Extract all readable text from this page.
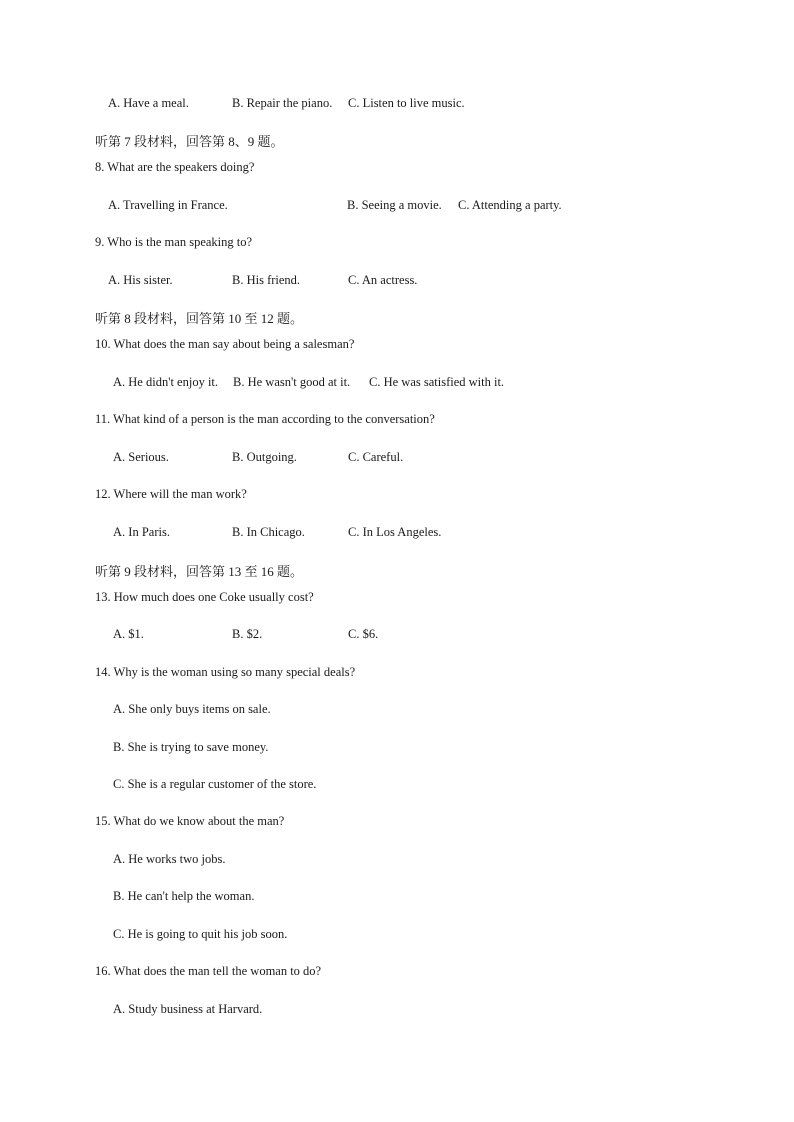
A. Have a meal.	B. Repair the piano. C. Listen to live music.
听第 7 段材料，回答第 8、9 题。
8. What are the speakers doing?
A. Travelling in France.	B. Seeing a movie. C. Attending a party.
9. Who is the man speaking to?
A. His sister.	B. His friend.	C. An actress.
听第 8 段材料，回答第 10 至 12 题。
10. What does the man say about being a salesman?
A. He didn't enjoy it. B. He wasn't good at it. C. He was satisfied with it.
11. What kind of a person is the man according to the conversation?
A. Serious.	B. Outgoing.	C. Careful.
12. Where will the man work?
A. In Paris.	B. In Chicago.	C. In Los Angeles.
听第 9 段材料，回答第 13 至 16 题。
13. How much does one Coke usually cost?
A. $1.	B. $2.	C. $6.
14. Why is the woman using so many special deals?
A. She only buys items on sale.
B. She is trying to save money.
C. She is a regular customer of the store.
15. What do we know about the man?
A. He works two jobs.
B. He can't help the woman.
C. He is going to quit his job soon.
16. What does the man tell the woman to do?
A. Study business at Harvard.
